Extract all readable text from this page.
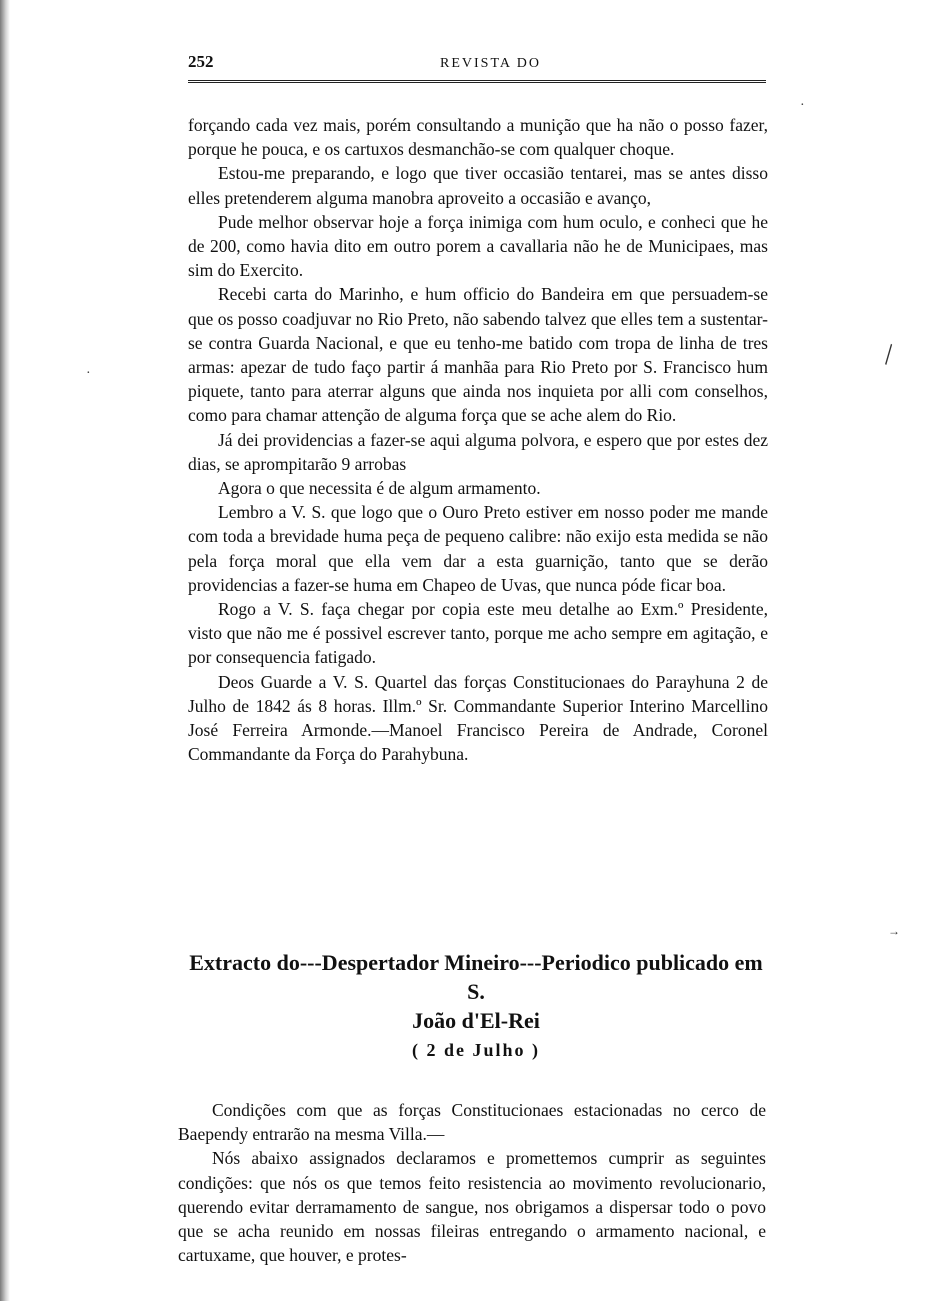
252	REVISTA DO

forçando cada vez mais, porém consultando a munição que ha não o posso fazer, porque he pouca, e os cartuxos desmanchão-se com qualquer choque.

Estou-me preparando, e logo que tiver occasião tentarei, mas se antes disso elles pretenderem alguma manobra aproveito a occasião e avanço,

Pude melhor observar hoje a força inimiga com hum oculo, e conheci que he de 200, como havia dito em outro porem a cavallaria não he de Municipaes, mas sim do Exercito.

Recebi carta do Marinho, e hum officio do Bandeira em que persuadem-se que os posso coadjuvar no Rio Preto, não sabendo talvez que elles tem a sustentar-se contra Guarda Nacional, e que eu tenho-me batido com tropa de linha de tres armas: apezar de tudo faço partir á manhãa para Rio Preto por S. Francisco hum piquete, tanto para aterrar alguns que ainda nos inquieta por alli com conselhos, como para chamar attenção de alguma força que se ache alem do Rio.

Já dei providencias a fazer-se aqui alguma polvora, e espero que por estes dez dias, se aprompitarão 9 arrobas

Agora o que necessita é de algum armamento.

Lembro a V. S. que logo que o Ouro Preto estiver em nosso poder me mande com toda a brevidade huma peça de pequeno calibre: não exijo esta medida se não pela força moral que ella vem dar a esta guarnição, tanto que se derão providencias a fazer-se huma em Chapeo de Uvas, que nunca póde ficar boa.

Rogo a V. S. faça chegar por copia este meu detalhe ao Exm.º Presidente, visto que não me é possivel escrever tanto, porque me acho sempre em agitação, e por consequencia fatigado.

Deos Guarde a V. S. Quartel das forças Constitucionaes do Parayhuna 2 de Julho de 1842 ás 8 horas. Illm.º Sr. Commandante Superior Interino Marcellino José Ferreira Armonde.—Manoel Francisco Pereira de Andrade, Coronel Commandante da Força do Parahybuna.

Extracto do---Despertador Mineiro---Periodico publicado em S.
João d'El-Rei
( 2 de Julho )

Condições com que as forças Constitucionaes estacionadas no cerco de Baependy entrarão na mesma Villa.—

Nós abaixo assignados declaramos e promettemos cumprir as seguintes condições: que nós os que temos feito resistencia ao movimento revolucionario, querendo evitar derramamento de sangue, nos obrigamos a dispersar todo o povo que se acha reunido em nossas fileiras entregando o armamento nacional, e cartuxame, que houver, e protes-

\
·
·
→
